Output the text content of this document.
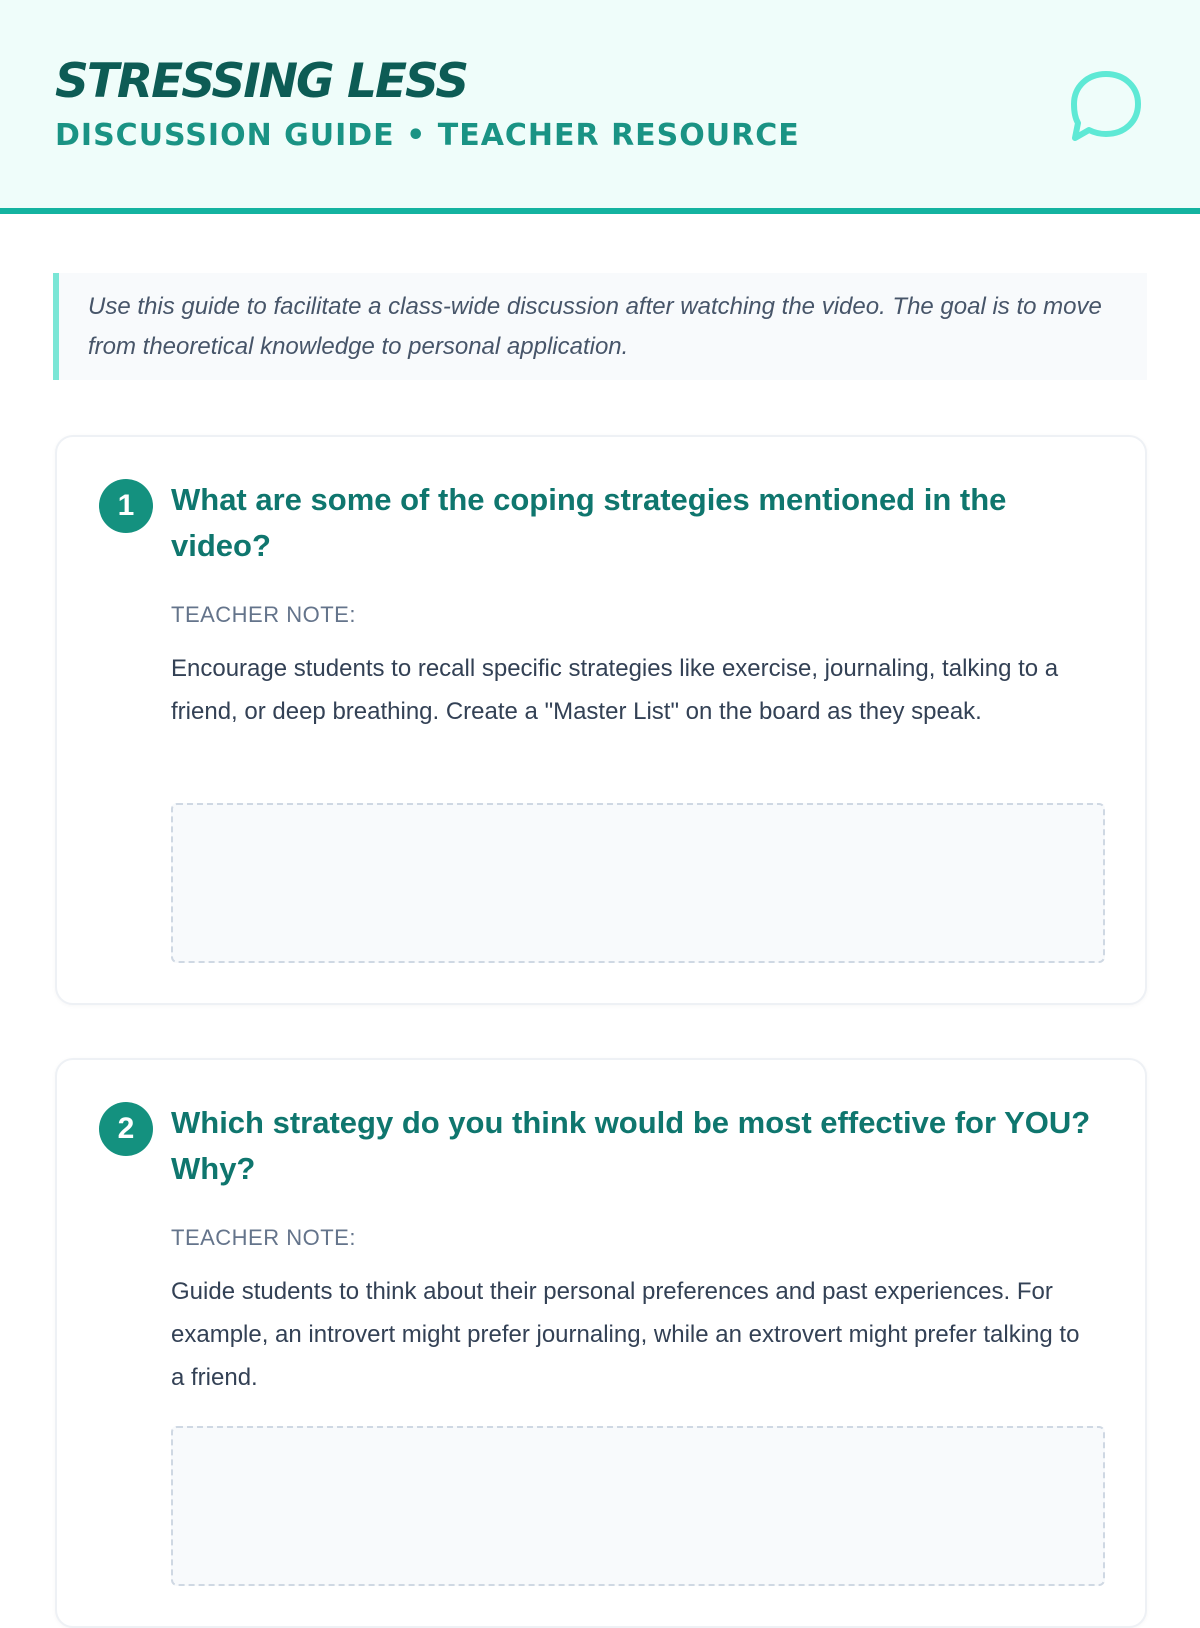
STRESSING LESS
DISCUSSION GUIDE • TEACHER RESOURCE
Use this guide to facilitate a class-wide discussion after watching the video. The goal is to move from theoretical knowledge to personal application.
1	What are some of the coping strategies mentioned in the video?

TEACHER NOTE:

Encourage students to recall specific strategies like exercise, journaling, talking to a friend, or deep breathing. Create a "Master List" on the board as they speak.

2	Which strategy do you think would be most effective for YOU? Why?

TEACHER NOTE:

Guide students to think about their personal preferences and past experiences. For example, an introvert might prefer journaling, while an extrovert might prefer talking to a friend.
